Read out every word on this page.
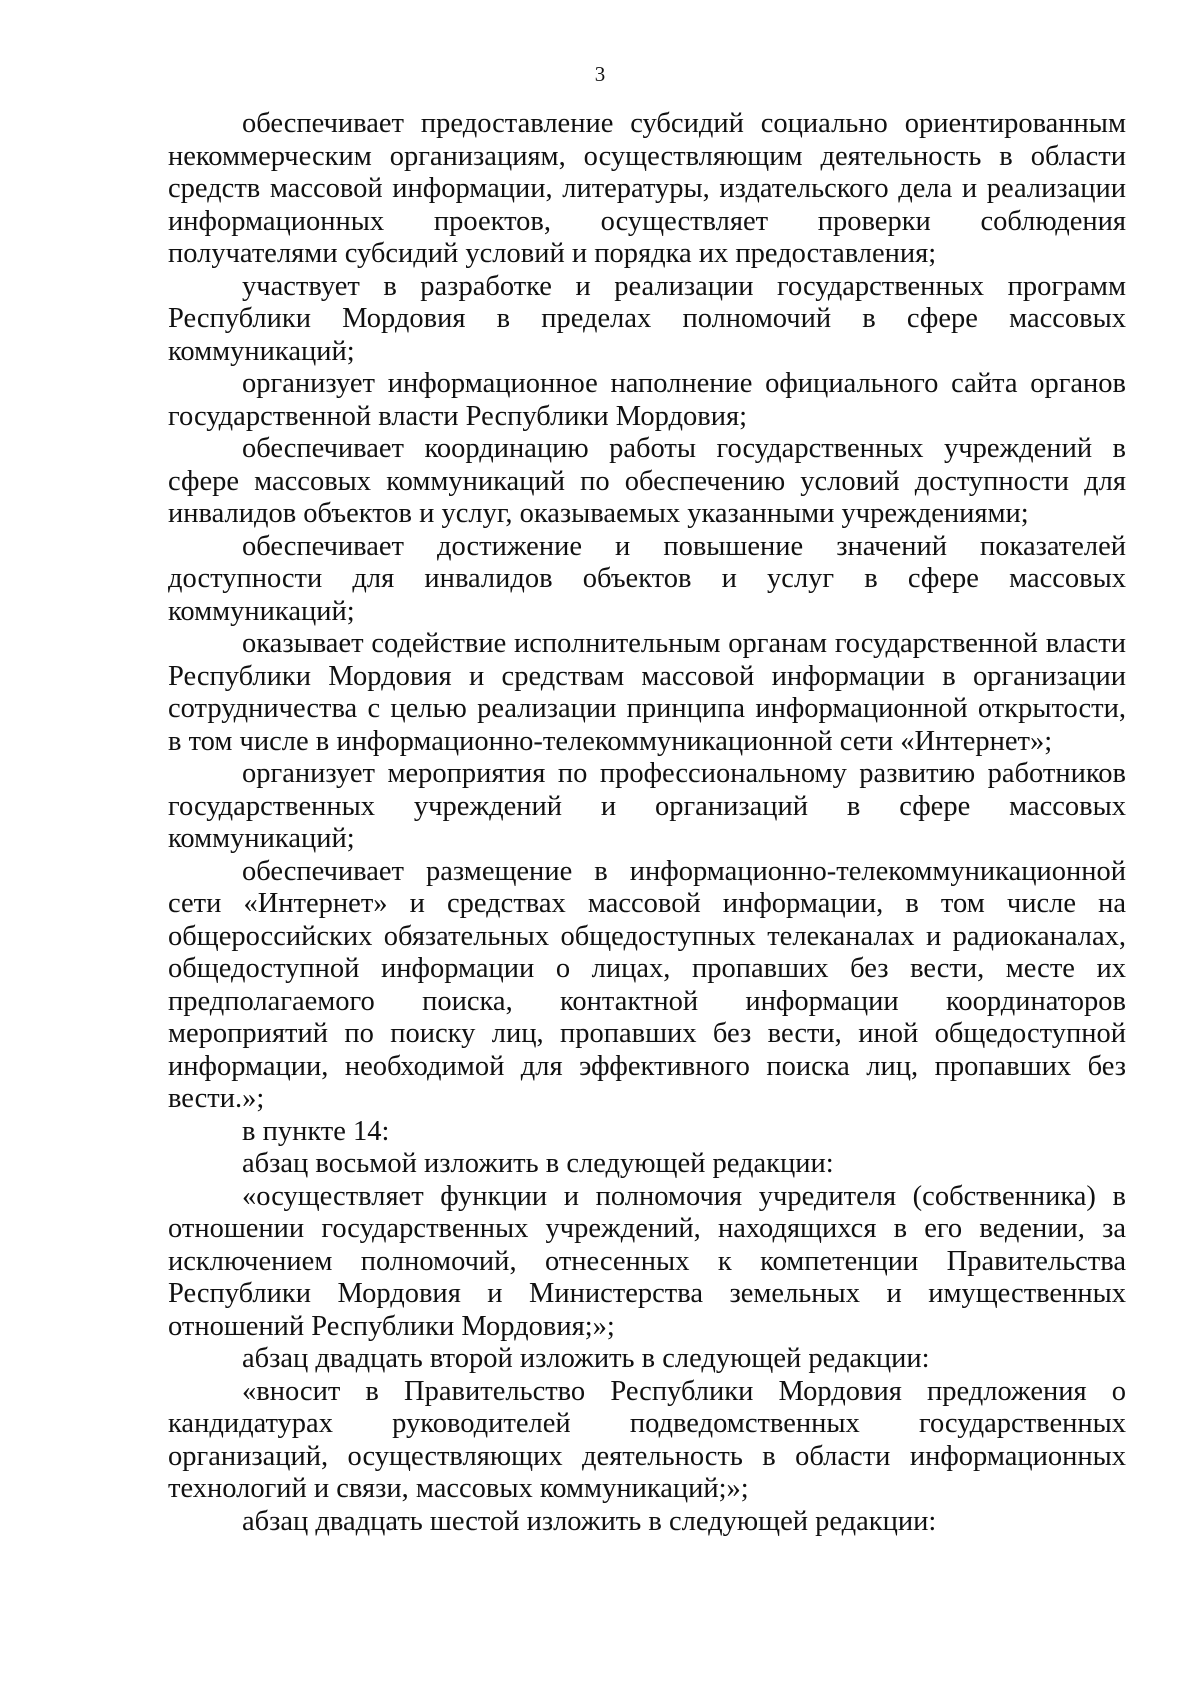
3

обеспечивает предоставление субсидий социально ориентированным некоммерческим организациям, осуществляющим деятельность в области средств массовой информации, литературы, издательского дела и реализации информационных проектов, осуществляет проверки соблюдения получателями субсидий условий и порядка их предоставления;

участвует в разработке и реализации государственных программ Республики Мордовия в пределах полномочий в сфере массовых коммуникаций;

организует информационное наполнение официального сайта органов государственной власти Республики Мордовия;

обеспечивает координацию работы государственных учреждений в сфере массовых коммуникаций по обеспечению условий доступности для инвалидов объектов и услуг, оказываемых указанными учреждениями;

обеспечивает достижение и повышение значений показателей доступности для инвалидов объектов и услуг в сфере массовых коммуникаций;

оказывает содействие исполнительным органам государственной власти Республики Мордовия и средствам массовой информации в организации сотрудничества с целью реализации принципа информационной открытости, в том числе в информационно-телекоммуникационной сети «Интернет»;

организует мероприятия по профессиональному развитию работников государственных учреждений и организаций в сфере массовых коммуникаций;

обеспечивает размещение в информационно-телекоммуникационной сети «Интернет» и средствах массовой информации, в том числе на общероссийских обязательных общедоступных телеканалах и радиоканалах, общедоступной информации о лицах, пропавших без вести, месте их предполагаемого поиска, контактной информации координаторов мероприятий по поиску лиц, пропавших без вести, иной общедоступной информации, необходимой для эффективного поиска лиц, пропавших без вести.»;

в пункте 14:

абзац восьмой изложить в следующей редакции:

«осуществляет функции и полномочия учредителя (собственника) в отношении государственных учреждений, находящихся в его ведении, за исключением полномочий, отнесенных к компетенции Правительства Республики Мордовия и Министерства земельных и имущественных отношений Республики Мордовия;»;

абзац двадцать второй изложить в следующей редакции:

«вносит в Правительство Республики Мордовия предложения о кандидатурах руководителей подведомственных государственных организаций, осуществляющих деятельность в области информационных технологий и связи, массовых коммуникаций;»;

абзац двадцать шестой изложить в следующей редакции:
